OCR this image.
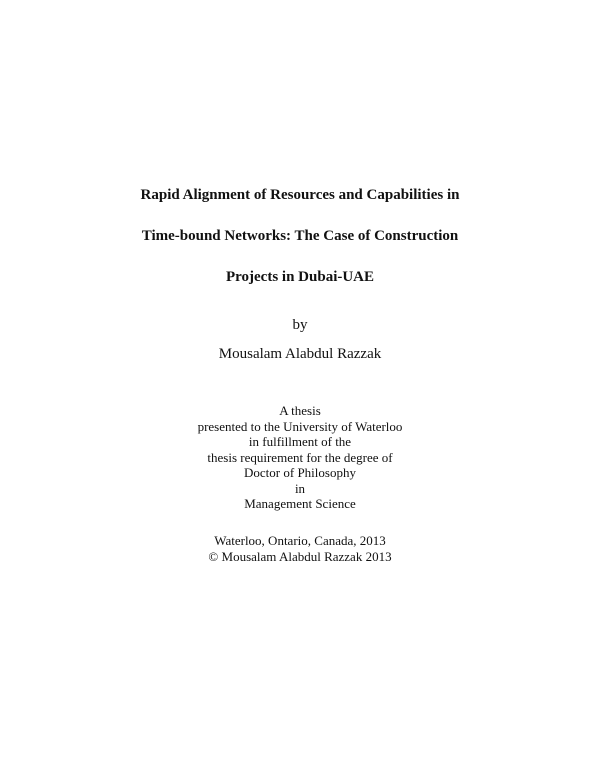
Rapid Alignment of Resources and Capabilities in
Time-bound Networks: The Case of Construction
Projects in Dubai-UAE
by
Mousalam Alabdul Razzak
A thesis
presented to the University of Waterloo
in fulfillment of the
thesis requirement for the degree of
Doctor of Philosophy
in
Management Science
Waterloo, Ontario, Canada, 2013
© Mousalam Alabdul Razzak 2013
